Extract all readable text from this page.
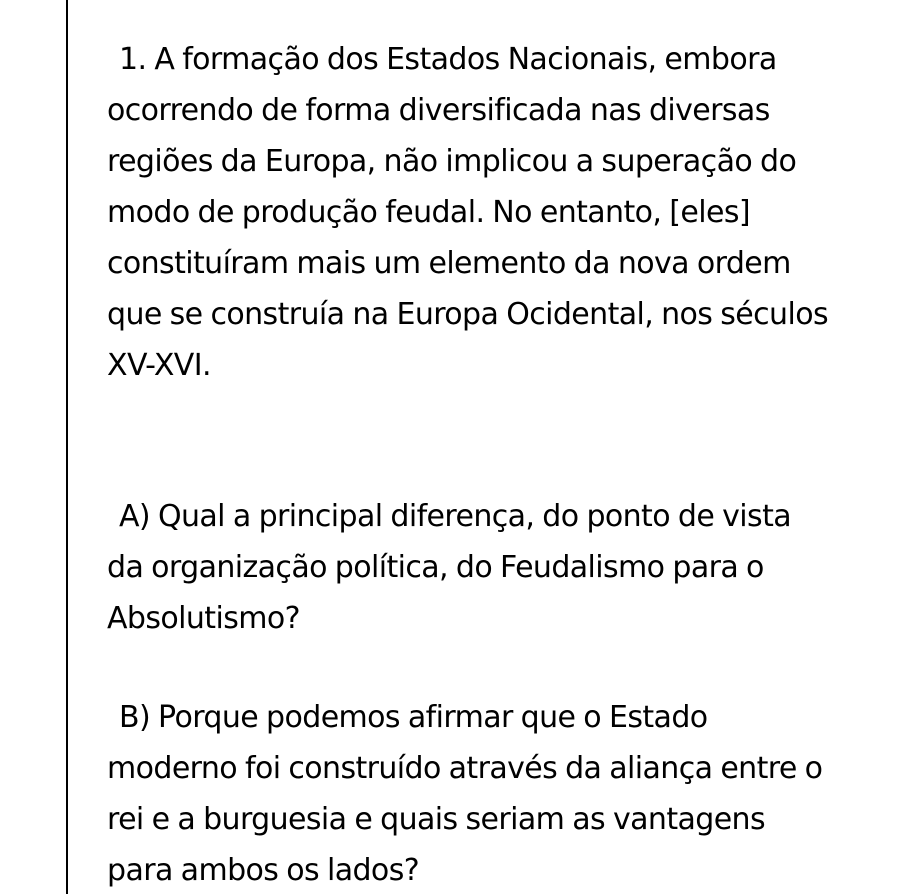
1. A formação dos Estados Nacionais, embora
ocorrendo de forma diversificada nas diversas
regiões da Europa, não implicou a superação do
modo de produção feudal. No entanto, [eles]
constituíram mais um elemento da nova ordem
que se construía na Europa Ocidental, nos séculos
XV-XVI.

A) Qual a principal diferença, do ponto de vista
da organização política, do Feudalismo para o
Absolutismo?

B) Porque podemos afirmar que o Estado
moderno foi construído através da aliança entre o
rei e a burguesia e quais seriam as vantagens
para ambos os lados?
